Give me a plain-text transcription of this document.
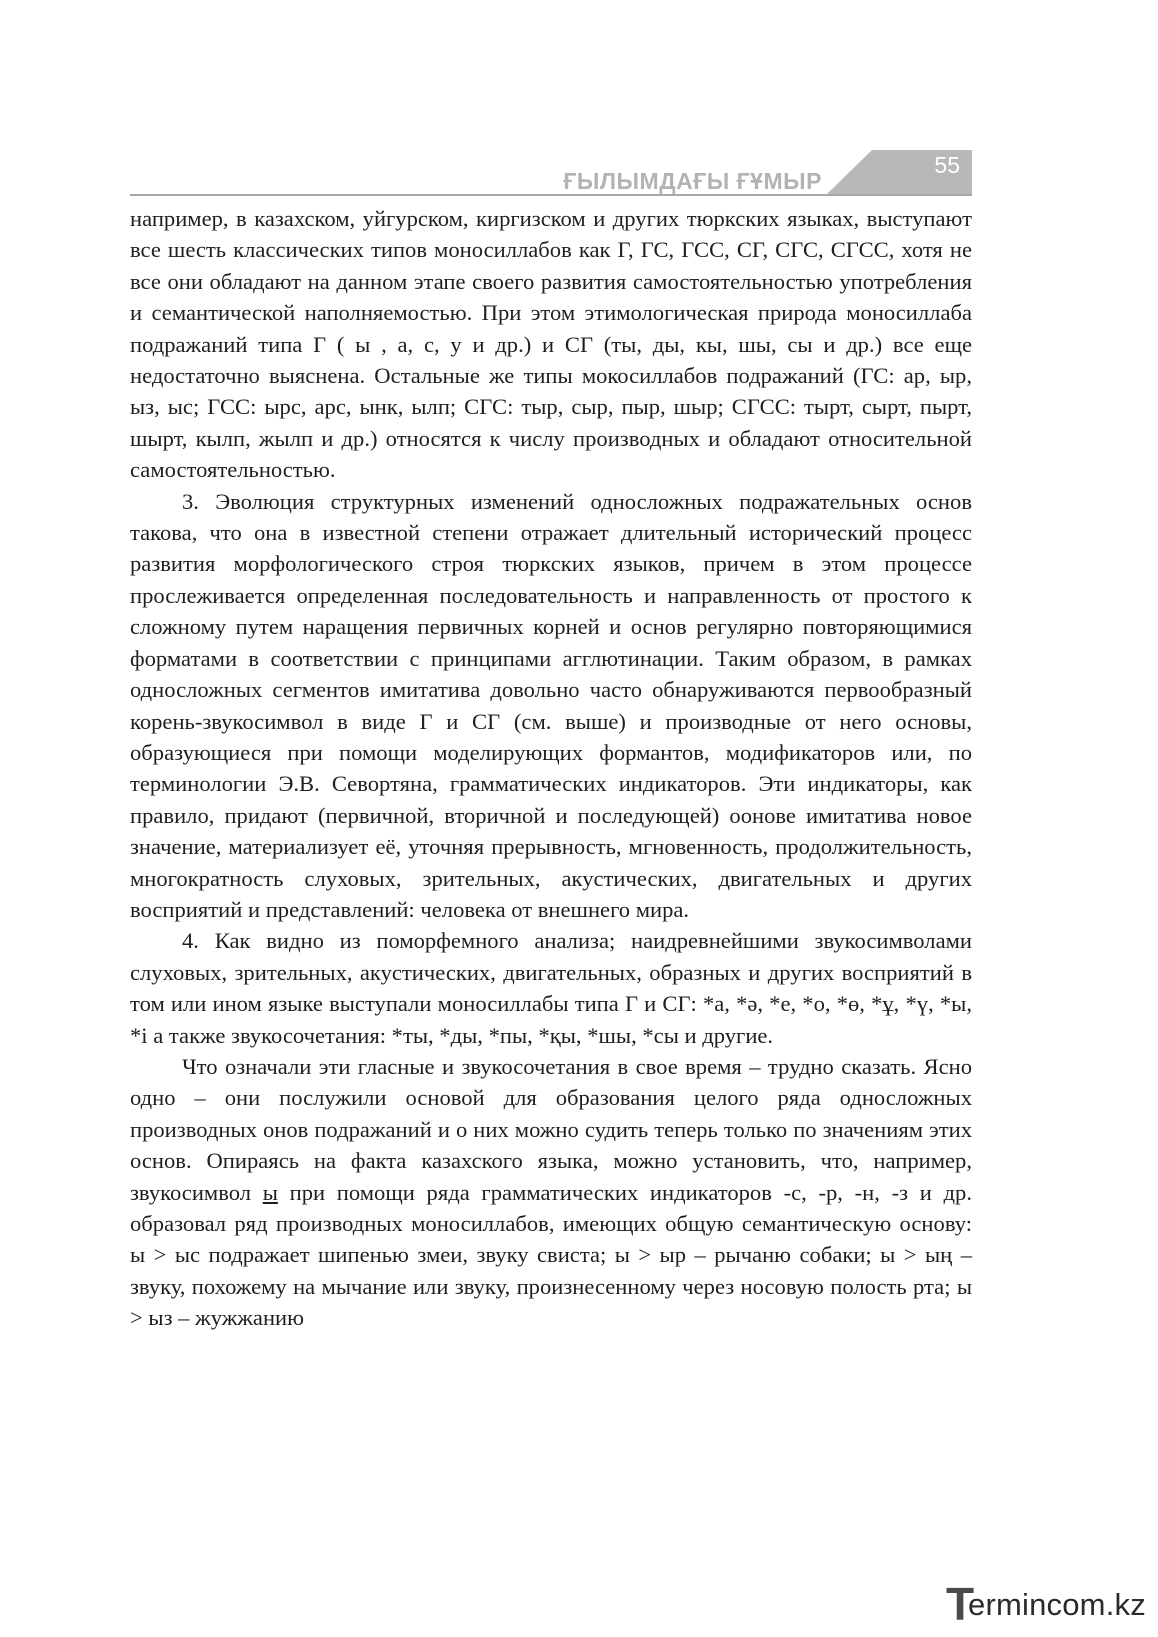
55
ҒЫЛЫМДАҒЫ ҒҰМЫР

например, в казахском, уйгурском, киргизском и других тюркских языках, выступают все шесть классических типов моносиллабов как Г, ГС, ГСС, СГ, СГС, СГСС, хотя не все они обладают на данном этапе своего развития самостоятельностью употребления и семантической наполняемостью. При этом этимологическая природа моносиллаба подражаний типа Г ( ы , а, с, у и др.) и СГ (ты, ды, кы, шы, сы и др.) все еще недостаточно выяснена. Остальные же типы мокосиллабов подражаний (ГС: ар, ыр, ыз, ыс; ГСС: ырс, арс, ынк, ылп; СГС: тыр, сыр, пыр, шыр; СГСС: тырт, сырт, пырт, шырт, кылп, жылп и др.) относятся к числу производных и обладают относительной самостоятельностью.

3. Эволюция структурных изменений односложных подражательных основ такова, что она в известной степени отражает длительный исторический процесс развития морфологического строя тюркских языков, причем в этом процессе прослеживается определенная последовательность и направленность от простого к сложному путем наращения первичных корней и основ регулярно повторяющимися форматами в соответствии с принципами агглютинации. Таким образом, в рамках односложных сегментов имитатива довольно часто обнаруживаются первообразный корень-звукосимвол в виде Г и СГ (см. выше) и производные от него основы, образующиеся при помощи моделирующих формантов, модификаторов или, по терминологии Э.В. Севортяна, грамматических индикаторов. Эти индикаторы, как правило, придают (первичной, вторичной и последующей) оонове имитатива новое значение, материализует её, уточняя прерывность, мгновенность, продолжительность, многократность слуховых, зрительных, акустических, двигательных и других восприятий и представлений: человека от внешнего мира.

4. Как видно из поморфемного анализа; наидревнейшими звукосимволами слуховых, зрительных, акустических, двигательных, образных и других восприятий в том или ином языке выступали моносиллабы типа Г и СГ: *а, *ә, *е, *о, *ө, *ұ, *ү, *ы, *і а также звукосочетания: *ты, *ды, *пы, *қы, *шы, *сы и другие.

Что означали эти гласные и звукосочетания в свое время – трудно сказать. Ясно одно – они послужили основой для образования целого ряда односложных производных онов подражаний и о них можно судить теперь только по значениям этих основ. Опираясь на факта казахского языка, можно установить, что, например, звукосимвол ы при помощи ряда грамматических индикаторов -с, -р, -н, -з и др. образовал ряд производных моносиллабов, имеющих общую семантическую основу: ы > ыс подражает шипенью змеи, звуку свиста; ы > ыр – рычаню собаки; ы > ың – звуку, похожему на мычание или звуку, произнесенному через носовую полость рта; ы > ыз – жужжанию

T
ermincom.kz
